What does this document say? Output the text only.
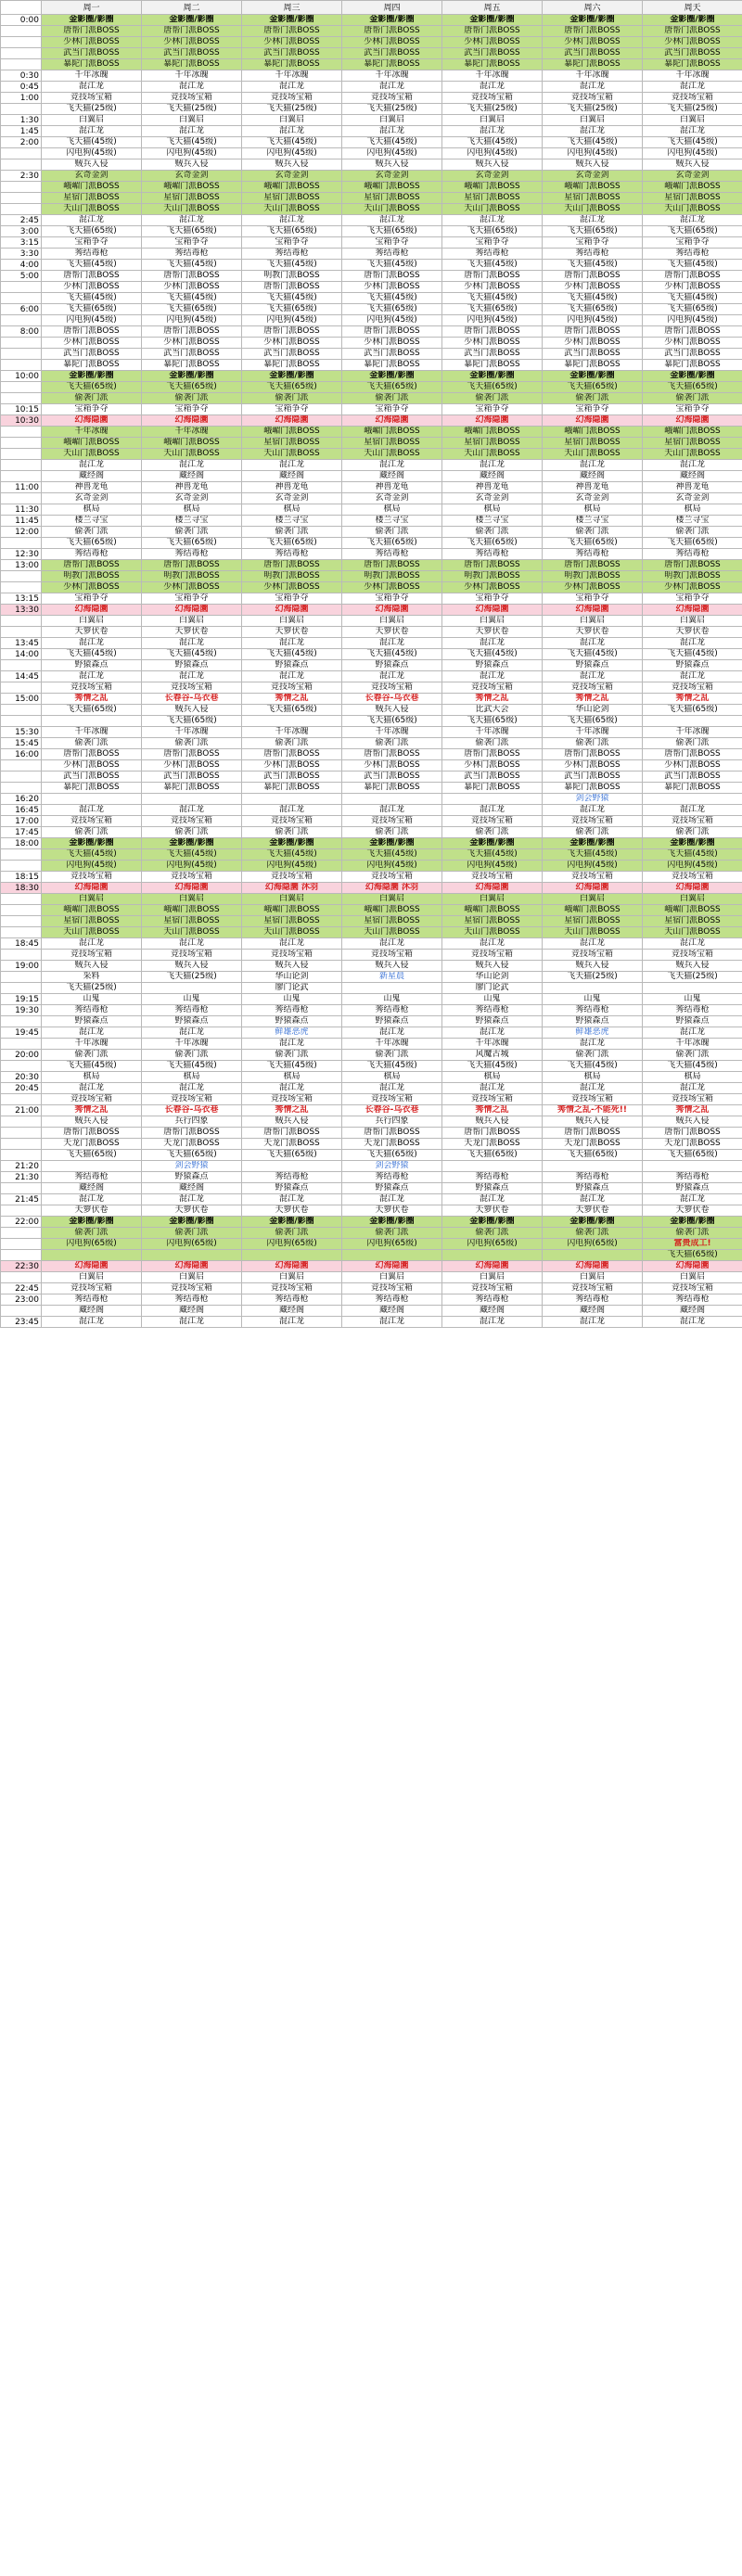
	周一	周二	周三	周四	周五	周六	周天
0:00	金影圈/影圈	金影圈/影圈	金影圈/影圈	金影圈/影圈	金影圈/影圈	金影圈/影圈	金影圈/影圈

	唐帮门派BOSS	唐帮门派BOSS	唐帮门派BOSS	唐帮门派BOSS	唐帮门派BOSS	唐帮门派BOSS	唐帮门派BOSS

	少林门派BOSS	少林门派BOSS	少林门派BOSS	少林门派BOSS	少林门派BOSS	少林门派BOSS	少林门派BOSS

	武当门派BOSS	武当门派BOSS	武当门派BOSS	武当门派BOSS	武当门派BOSS	武当门派BOSS	武当门派BOSS

	暴陀门派BOSS	暴陀门派BOSS	暴陀门派BOSS	暴陀门派BOSS	暴陀门派BOSS	暴陀门派BOSS	暴陀门派BOSS

0:30	千年冰魄	千年冰魄	千年冰魄	千年冰魄	千年冰魄	千年冰魄	千年冰魄

0:45	混江龙	混江龙	混江龙	混江龙	混江龙	混江龙	混江龙

1:00	竞技场宝箱	竞技场宝箱	竞技场宝箱	竞技场宝箱	竞技场宝箱	竞技场宝箱	竞技场宝箱

	飞天猫(25级)	飞天猫(25级)	飞天猫(25级)	飞天猫(25级)	飞天猫(25级)	飞天猫(25级)	飞天猫(25级)

1:30	白翼启	白翼启	白翼启	白翼启	白翼启	白翼启	白翼启

1:45	混江龙	混江龙	混江龙	混江龙	混江龙	混江龙	混江龙

2:00	飞天猫(45级)	飞天猫(45级)	飞天猫(45级)	飞天猫(45级)	飞天猫(45级)	飞天猫(45级)	飞天猫(45级)

	闪电狗(45级)	闪电狗(45级)	闪电狗(45级)	闪电狗(45级)	闪电狗(45级)	闪电狗(45级)	闪电狗(45级)

	贼兵入侵	贼兵入侵	贼兵入侵	贼兵入侵	贼兵入侵	贼兵入侵	贼兵入侵

2:30	玄奇金剑	玄奇金剑	玄奇金剑	玄奇金剑	玄奇金剑	玄奇金剑	玄奇金剑

	峨嵋门派BOSS	峨嵋门派BOSS	峨嵋门派BOSS	峨嵋门派BOSS	峨嵋门派BOSS	峨嵋门派BOSS	峨嵋门派BOSS

	星宿门派BOSS	星宿门派BOSS	星宿门派BOSS	星宿门派BOSS	星宿门派BOSS	星宿门派BOSS	星宿门派BOSS

	天山门派BOSS	天山门派BOSS	天山门派BOSS	天山门派BOSS	天山门派BOSS	天山门派BOSS	天山门派BOSS

2:45	混江龙	混江龙	混江龙	混江龙	混江龙	混江龙	混江龙

3:00	飞天猫(65级)	飞天猫(65级)	飞天猫(65级)	飞天猫(65级)	飞天猫(65级)	飞天猫(65级)	飞天猫(65级)

3:15	宝箱争夺	宝箱争夺	宝箱争夺	宝箱争夺	宝箱争夺	宝箱争夺	宝箱争夺

3:30	莠结毒枪	莠结毒枪	莠结毒枪	莠结毒枪	莠结毒枪	莠结毒枪	莠结毒枪

4:00	飞天猫(45级)	飞天猫(45级)	飞天猫(45级)	飞天猫(45级)	飞天猫(45级)	飞天猫(45级)	飞天猫(45级)

5:00	唐帮门派BOSS	唐帮门派BOSS	明教门派BOSS	唐帮门派BOSS	唐帮门派BOSS	唐帮门派BOSS	唐帮门派BOSS

	少林门派BOSS	少林门派BOSS	唐帮门派BOSS	少林门派BOSS	少林门派BOSS	少林门派BOSS	少林门派BOSS

	飞天猫(45级)	飞天猫(45级)	飞天猫(45级)	飞天猫(45级)	飞天猫(45级)	飞天猫(45级)	飞天猫(45级)

6:00	飞天猫(65级)	飞天猫(65级)	飞天猫(65级)	飞天猫(65级)	飞天猫(65级)	飞天猫(65级)	飞天猫(65级)

	闪电狗(45级)	闪电狗(45级)	闪电狗(45级)	闪电狗(45级)	闪电狗(45级)	闪电狗(45级)	闪电狗(45级)

8:00	唐帮门派BOSS	唐帮门派BOSS	唐帮门派BOSS	唐帮门派BOSS	唐帮门派BOSS	唐帮门派BOSS	唐帮门派BOSS

	少林门派BOSS	少林门派BOSS	少林门派BOSS	少林门派BOSS	少林门派BOSS	少林门派BOSS	少林门派BOSS

	武当门派BOSS	武当门派BOSS	武当门派BOSS	武当门派BOSS	武当门派BOSS	武当门派BOSS	武当门派BOSS

	暴陀门派BOSS	暴陀门派BOSS	暴陀门派BOSS	暴陀门派BOSS	暴陀门派BOSS	暴陀门派BOSS	暴陀门派BOSS

10:00	金影圈/影圈	金影圈/影圈	金影圈/影圈	金影圈/影圈	金影圈/影圈	金影圈/影圈	金影圈/影圈

	飞天猫(65级)	飞天猫(65级)	飞天猫(65级)	飞天猫(65级)	飞天猫(65级)	飞天猫(65级)	飞天猫(65级)

	偷袭门派	偷袭门派	偷袭门派	偷袭门派	偷袭门派	偷袭门派	偷袭门派

10:15	宝箱争夺	宝箱争夺	宝箱争夺	宝箱争夺	宝箱争夺	宝箱争夺	宝箱争夺

10:30	幻海隐圜	幻海隐圜	幻海隐圜	幻海隐圜	幻海隐圜	幻海隐圜	幻海隐圜

	千年冰魄	千年冰魄	峨嵋门派BOSS	峨嵋门派BOSS	峨嵋门派BOSS	峨嵋门派BOSS	峨嵋门派BOSS

	峨嵋门派BOSS	峨嵋门派BOSS	星宿门派BOSS	星宿门派BOSS	星宿门派BOSS	星宿门派BOSS	星宿门派BOSS

	天山门派BOSS	天山门派BOSS	天山门派BOSS	天山门派BOSS	天山门派BOSS	天山门派BOSS	天山门派BOSS

	混江龙	混江龙	混江龙	混江龙	混江龙	混江龙	混江龙

	藏经阁	藏经阁	藏经阁	藏经阁	藏经阁	藏经阁	藏经阁

11:00	神兽龙龟	神兽龙龟	神兽龙龟	神兽龙龟	神兽龙龟	神兽龙龟	神兽龙龟

	玄奇金剑	玄奇金剑	玄奇金剑	玄奇金剑	玄奇金剑	玄奇金剑	玄奇金剑

11:30	棋局	棋局	棋局	棋局	棋局	棋局	棋局

11:45	楼兰寻宝	楼兰寻宝	楼兰寻宝	楼兰寻宝	楼兰寻宝	楼兰寻宝	楼兰寻宝

12:00	偷袭门派	偷袭门派	偷袭门派	偷袭门派	偷袭门派	偷袭门派	偷袭门派

	飞天猫(65级)	飞天猫(65级)	飞天猫(65级)	飞天猫(65级)	飞天猫(65级)	飞天猫(65级)	飞天猫(65级)

12:30	莠结毒枪	莠结毒枪	莠结毒枪	莠结毒枪	莠结毒枪	莠结毒枪	莠结毒枪

13:00	唐帮门派BOSS	唐帮门派BOSS	唐帮门派BOSS	唐帮门派BOSS	唐帮门派BOSS	唐帮门派BOSS	唐帮门派BOSS

	明教门派BOSS	明教门派BOSS	明教门派BOSS	明教门派BOSS	明教门派BOSS	明教门派BOSS	明教门派BOSS

	少林门派BOSS	少林门派BOSS	少林门派BOSS	少林门派BOSS	少林门派BOSS	少林门派BOSS	少林门派BOSS

13:15	宝箱争夺	宝箱争夺	宝箱争夺	宝箱争夺	宝箱争夺	宝箱争夺	宝箱争夺

13:30	幻海隐圜	幻海隐圜	幻海隐圜	幻海隐圜	幻海隐圜	幻海隐圜	幻海隐圜

	白翼启	白翼启	白翼启	白翼启	白翼启	白翼启	白翼启

	天箩伏卷	天箩伏卷	天箩伏卷	天箩伏卷	天箩伏卷	天箩伏卷	天箩伏卷

13:45	混江龙	混江龙	混江龙	混江龙	混江龙	混江龙	混江龙

14:00	飞天猫(45级)	飞天猫(45级)	飞天猫(45级)	飞天猫(45级)	飞天猫(45级)	飞天猫(45级)	飞天猫(45级)

	野猿森点	野猿森点	野猿森点	野猿森点	野猿森点	野猿森点	野猿森点

14:45	混江龙	混江龙	混江龙	混江龙	混江龙	混江龙	混江龙

	竞技场宝箱	竞技场宝箱	竞技场宝箱	竞技场宝箱	竞技场宝箱	竞技场宝箱	竞技场宝箱

15:00	莠情之乱	长春谷-乌衣巷	莠情之乱	长春谷-乌衣巷	莠情之乱	莠情之乱	莠情之乱

	飞天猫(65级)	贼兵入侵	飞天猫(65级)	贼兵入侵	比武大会	华山论剑	飞天猫(65级)

		飞天猫(65级)		飞天猫(65级)	飞天猫(65级)	飞天猫(65级)	

15:30	千年冰魄	千年冰魄	千年冰魄	千年冰魄	千年冰魄	千年冰魄	千年冰魄

15:45	偷袭门派	偷袭门派	偷袭门派	偷袭门派	偷袭门派	偷袭门派	偷袭门派

16:00	唐帮门派BOSS	唐帮门派BOSS	唐帮门派BOSS	唐帮门派BOSS	唐帮门派BOSS	唐帮门派BOSS	唐帮门派BOSS

	少林门派BOSS	少林门派BOSS	少林门派BOSS	少林门派BOSS	少林门派BOSS	少林门派BOSS	少林门派BOSS

	武当门派BOSS	武当门派BOSS	武当门派BOSS	武当门派BOSS	武当门派BOSS	武当门派BOSS	武当门派BOSS

	暴陀门派BOSS	暴陀门派BOSS	暴陀门派BOSS	暴陀门派BOSS	暴陀门派BOSS	暴陀门派BOSS	暴陀门派BOSS

16:20						剑会野猿	

16:45	混江龙	混江龙	混江龙	混江龙	混江龙	混江龙	混江龙

17:00	竞技场宝箱	竞技场宝箱	竞技场宝箱	竞技场宝箱	竞技场宝箱	竞技场宝箱	竞技场宝箱

17:45	偷袭门派	偷袭门派	偷袭门派	偷袭门派	偷袭门派	偷袭门派	偷袭门派

18:00	金影圈/影圈	金影圈/影圈	金影圈/影圈	金影圈/影圈	金影圈/影圈	金影圈/影圈	金影圈/影圈

	飞天猫(45级)	飞天猫(45级)	飞天猫(45级)	飞天猫(45级)	飞天猫(45级)	飞天猫(45级)	飞天猫(45级)

	闪电狗(45级)	闪电狗(45级)	闪电狗(45级)	闪电狗(45级)	闪电狗(45级)	闪电狗(45级)	闪电狗(45级)

18:15	竞技场宝箱	竞技场宝箱	竞技场宝箱	竞技场宝箱	竞技场宝箱	竞技场宝箱	竞技场宝箱

18:30	幻海隐圜	幻海隐圜	幻海隐圜 沐羽	幻海隐圜 沐羽	幻海隐圜	幻海隐圜	幻海隐圜

	白翼启	白翼启	白翼启	白翼启	白翼启	白翼启	白翼启

	峨嵋门派BOSS	峨嵋门派BOSS	峨嵋门派BOSS	峨嵋门派BOSS	峨嵋门派BOSS	峨嵋门派BOSS	峨嵋门派BOSS

	星宿门派BOSS	星宿门派BOSS	星宿门派BOSS	星宿门派BOSS	星宿门派BOSS	星宿门派BOSS	星宿门派BOSS

	天山门派BOSS	天山门派BOSS	天山门派BOSS	天山门派BOSS	天山门派BOSS	天山门派BOSS	天山门派BOSS

18:45	混江龙	混江龙	混江龙	混江龙	混江龙	混江龙	混江龙

	竞技场宝箱	竞技场宝箱	竞技场宝箱	竞技场宝箱	竞技场宝箱	竞技场宝箱	竞技场宝箱

19:00	贼兵入侵	贼兵入侵	贼兵入侵	贼兵入侵	贼兵入侵	贼兵入侵	贼兵入侵

	采料	飞天猫(25级)	华山论剑	新星晨	华山论剑	飞天猫(25级)	飞天猫(25级)

	飞天猫(25级)		廖门论武		廖门论武		

19:15	山鬼	山鬼	山鬼	山鬼	山鬼	山鬼	山鬼

19:30	莠结毒枪	莠结毒枪	莠结毒枪	莠结毒枪	莠结毒枪	莠结毒枪	莠结毒枪

	野猿森点	野猿森点	野猿森点	野猿森点	野猿森点	野猿森点	野猿森点

19:45	混江龙	混江龙	鲜雄恶虎	混江龙	混江龙	鲜雄恶虎	混江龙

	千年冰魄	千年冰魄	混江龙	千年冰魄	千年冰魄	混江龙	千年冰魄

20:00	偷袭门派	偷袭门派	偷袭门派	偷袭门派	风魔古城	偷袭门派	偷袭门派

	飞天猫(45级)	飞天猫(45级)	飞天猫(45级)	飞天猫(45级)	飞天猫(45级)	飞天猫(45级)	飞天猫(45级)

20:30	棋局	棋局	棋局	棋局	棋局	棋局	棋局

20:45	混江龙	混江龙	混江龙	混江龙	混江龙	混江龙	混江龙

	竞技场宝箱	竞技场宝箱	竞技场宝箱	竞技场宝箱	竞技场宝箱	竞技场宝箱	竞技场宝箱

21:00	莠情之乱	长春谷-乌衣巷	莠情之乱	长春谷-乌衣巷	莠情之乱	莠情之乱-不能死!!	莠情之乱

	贼兵入侵	兵行四象	贼兵入侵	兵行四象	贼兵入侵	贼兵入侵	贼兵入侵

	唐帮门派BOSS	唐帮门派BOSS	唐帮门派BOSS	唐帮门派BOSS	唐帮门派BOSS	唐帮门派BOSS	唐帮门派BOSS

	天龙门派BOSS	天龙门派BOSS	天龙门派BOSS	天龙门派BOSS	天龙门派BOSS	天龙门派BOSS	天龙门派BOSS

	飞天猫(65级)	飞天猫(65级)	飞天猫(65级)	飞天猫(65级)	飞天猫(65级)	飞天猫(65级)	飞天猫(65级)

21:20		剑会野猿		剑会野猿			

21:30	莠结毒枪	野猿森点	莠结毒枪	莠结毒枪	莠结毒枪	莠结毒枪	莠结毒枪

	藏经阁	藏经阁	野猿森点	野猿森点	野猿森点	野猿森点	野猿森点

21:45	混江龙	混江龙	混江龙	混江龙	混江龙	混江龙	混江龙

	天箩伏卷	天箩伏卷	天箩伏卷	天箩伏卷	天箩伏卷	天箩伏卷	天箩伏卷

22:00	金影圈/影圈	金影圈/影圈	金影圈/影圈	金影圈/影圈	金影圈/影圈	金影圈/影圈	金影圈/影圈

	偷袭门派	偷袭门派	偷袭门派	偷袭门派	偷袭门派	偷袭门派	偷袭门派

	闪电狗(65级)	闪电狗(65级)	闪电狗(65级)	闪电狗(65级)	闪电狗(65级)	闪电狗(65级)	富贵成工!

							飞天猫(65级)

22:30	幻海隐圜	幻海隐圜	幻海隐圜	幻海隐圜	幻海隐圜	幻海隐圜	幻海隐圜

	白翼启	白翼启	白翼启	白翼启	白翼启	白翼启	白翼启

22:45	竞技场宝箱	竞技场宝箱	竞技场宝箱	竞技场宝箱	竞技场宝箱	竞技场宝箱	竞技场宝箱

23:00	莠结毒枪	莠结毒枪	莠结毒枪	莠结毒枪	莠结毒枪	莠结毒枪	莠结毒枪

	藏经阁	藏经阁	藏经阁	藏经阁	藏经阁	藏经阁	藏经阁

23:45	混江龙	混江龙	混江龙	混江龙	混江龙	混江龙	混江龙
